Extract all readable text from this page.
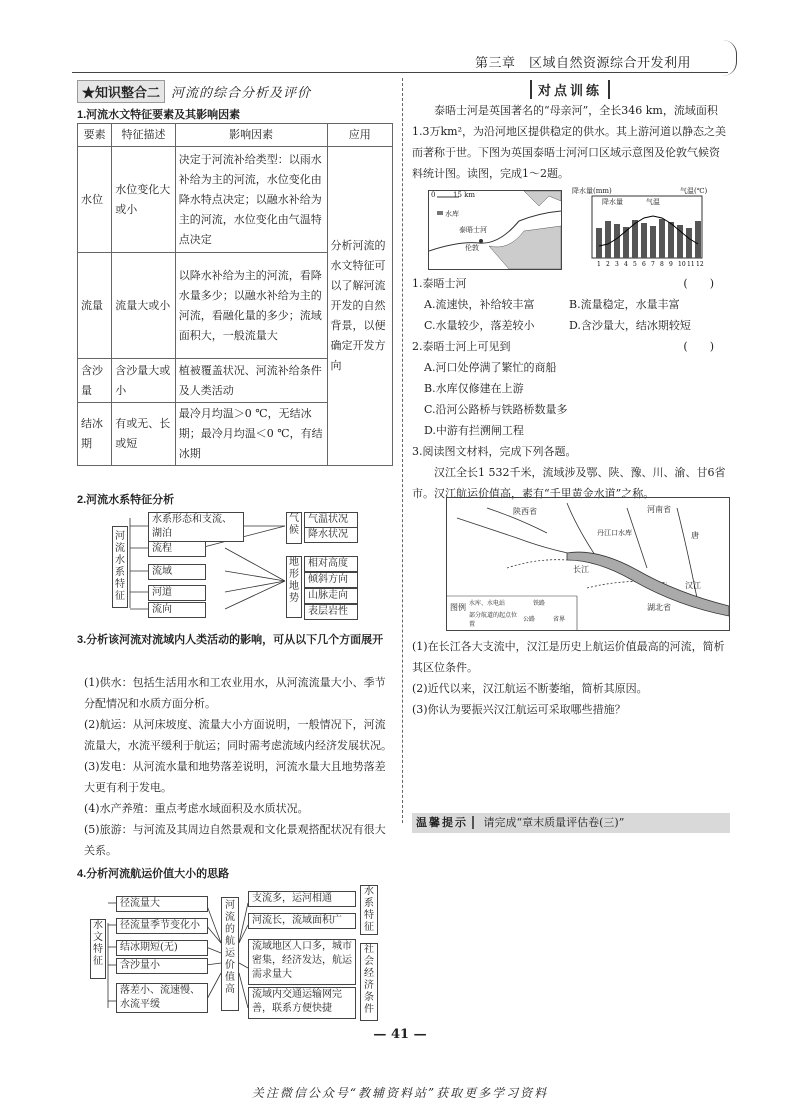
第三章　区域自然资源综合开发利用
★知识整合二 河流的综合分析及评价
1.河流水文特征要素及其影响因素
要素	特征描述	影响因素	应用
水位	水位变化大或小	决定于河流补给类型：以雨水补给为主的河流，水位变化由降水特点决定；以融水补给为主的河流，水位变化由气温特点决定	分析河流的水文特征可以了解河流开发的自然背景，以便确定开发方向
流量	流量大或小	以降水补给为主的河流，看降水量多少；以融水补给为主的河流，看融化量的多少；流域面积大，一般流量大	
含沙量	含沙量大或小	植被覆盖状况、河流补给条件及人类活动	
结冰期	有或无、长或短	最冷月均温＞0 ℃，无结冰期；最冷月均温＜0 ℃，有结冰期	
2.河流水系特征分析
河流水系特征
水系形态和支流、湖泊
流程
流域
河道
流向
气候
气温状况
降水状况
地形地势
相对高度
倾斜方向
山脉走向
表层岩性
3.分析该河流对流域内人类活动的影响，可从以下几个方面展开
(1)供水：包括生活用水和工农业用水，从河流流量大小、季节分配情况和水质方面分析。
(2)航运：从河床坡度、流量大小方面说明，一般情况下，河流流量大，水流平缓利于航运；同时需考虑流域内经济发展状况。
(3)发电：从河流水量和地势落差说明，河流水量大且地势落差大更有利于发电。
(4)水产养殖：重点考虑水域面积及水质状况。
(5)旅游：与河流及其周边自然景观和文化景观搭配状况有很大关系。
4.分析河流航运价值大小的思路
水文特征
径流量大
径流量季节变化小
结冰期短(无)
含沙量小
落差小、流速慢、水流平缓
河流的航运价值高
支流多，运河相通
河流长，流域面积广
水系特征
流域地区人口多，城市密集，经济发达，航运需求量大
流域内交通运输网完善，联系方便快捷
社会经济条件
对点训练
泰晤士河是英国著名的“母亲河”，全长346 km，流域面积1.3万km²，为沿河地区提供稳定的供水。其上游河道以静态之美而著称于世。下图为英国泰晤士河河口区域示意图及伦敦气候资料统计图。读图，完成1～2题。
0	15 km
水库
泰晤士河
伦敦
1 2 3 4 5 6 7 8 9 10 11 12
降水量(mm)	气温(℃)
降水量	气温
1.泰晤士河	(　　)
A.流速快，补给较丰富	B.流量稳定，水量丰富
C.水量较少，落差较小	D.含沙量大，结冰期较短
2.泰晤士河上可见到	(　　)
A.河口处停满了繁忙的商船
B.水库仅修建在上游
C.沿河公路桥与铁路桥数量多
D.中游有拦溯闸工程
3.阅读图文材料，完成下列各题。
汉江全长1 532千米，流域涉及鄂、陕、豫、川、渝、甘6省市。汉江航运价值高，素有“千里黄金水道”之称。
陕西省	河南省
丹江口水库
湖北省
汉江
长江
唐
图例 水库、水电站	铁路
部分航道的起点位置
公路	省界
(1)在长江各大支流中，汉江是历史上航运价值最高的河流，简析其区位条件。
(2)近代以来，汉江航运不断萎缩，简析其原因。
(3)你认为要振兴汉江航运可采取哪些措施？
温馨提示 请完成“章末质量评估卷(三)”
— 41 —
关注微信公众号“教辅资料站”获取更多学习资料
